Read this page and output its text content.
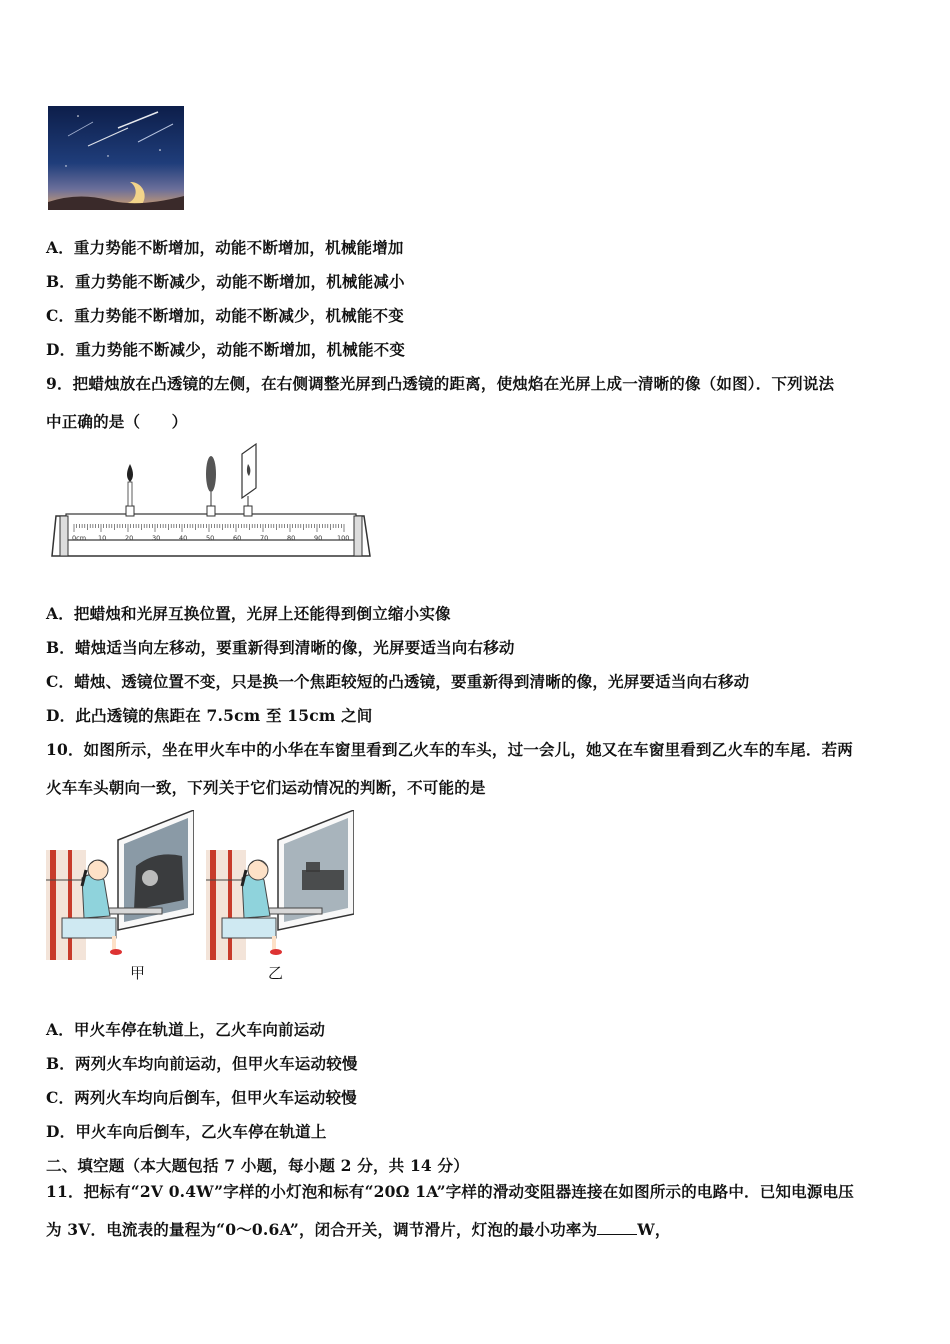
A．重力势能不断增加，动能不断增加，机械能增加
B．重力势能不断减少，动能不断增加，机械能减小
C．重力势能不断增加，动能不断减少，机械能不变
D．重力势能不断减少，动能不断增加，机械能不变
9．把蜡烛放在凸透镜的左侧，在右侧调整光屏到凸透镜的距离，使烛焰在光屏上成一清晰的像（如图）．下列说法
中正确的是（　　）
0cm 10	20	30	40	50	60	70	80	90 100
A．把蜡烛和光屏互换位置，光屏上还能得到倒立缩小实像
B．蜡烛适当向左移动，要重新得到清晰的像，光屏要适当向右移动
C．蜡烛、透镜位置不变，只是换一个焦距较短的凸透镜，要重新得到清晰的像，光屏要适当向右移动
D．此凸透镜的焦距在 7.5cm 至 15cm 之间
10．如图所示，坐在甲火车中的小华在车窗里看到乙火车的车头，过一会儿，她又在车窗里看到乙火车的车尾．若两
火车车头朝向一致，下列关于它们运动情况的判断，不可能的是
甲	乙
A．甲火车停在轨道上，乙火车向前运动
B．两列火车均向前运动，但甲火车运动较慢
C．两列火车均向后倒车，但甲火车运动较慢
D．甲火车向后倒车，乙火车停在轨道上
二、填空题（本大题包括 7 小题，每小题 2 分，共 14 分）
11．把标有“2V 0.4W”字样的小灯泡和标有“20Ω 1A”字样的滑动变阻器连接在如图所示的电路中．已知电源电压
为 3V．电流表的量程为“0～0.6A”，闭合开关，调节滑片，灯泡的最小功率为	W，
